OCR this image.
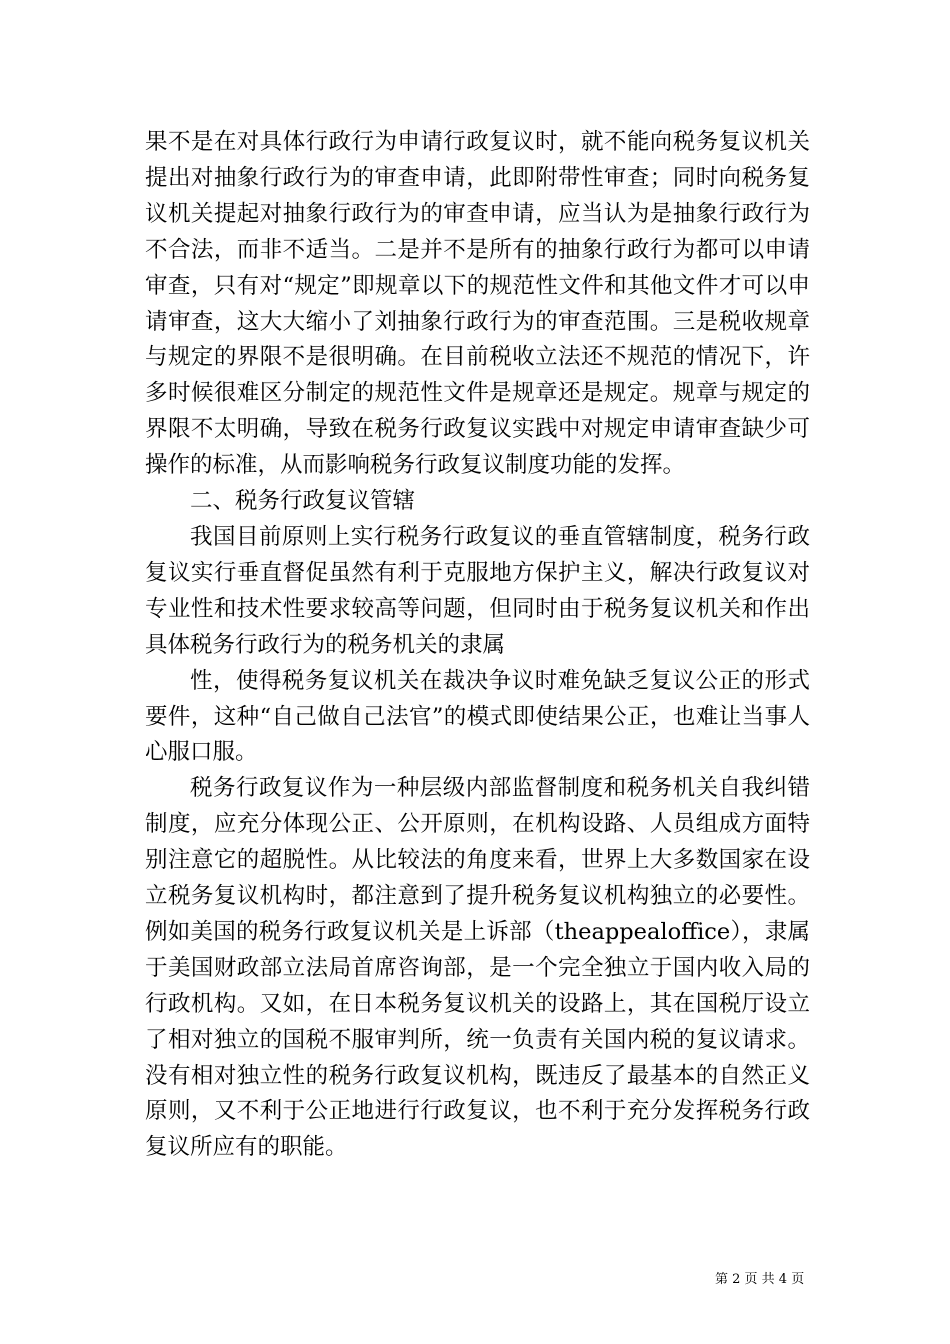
果不是在对具体行政行为申请行政复议时，就不能向税务复议机关提出对抽象行政行为的审查申请，此即附带性审查；同时向税务复议机关提起对抽象行政行为的审查申请，应当认为是抽象行政行为不合法，而非不适当。二是并不是所有的抽象行政行为都可以申请审查，只有对“规定”即规章以下的规范性文件和其他文件才可以申请审查，这大大缩小了刘抽象行政行为的审查范围。三是税收规章与规定的界限不是很明确。在目前税收立法还不规范的情况下，许多时候很难区分制定的规范性文件是规章还是规定。规章与规定的界限不太明确，导致在税务行政复议实践中对规定申请审查缺少可操作的标准，从而影响税务行政复议制度功能的发挥。

二、税务行政复议管辖

我国目前原则上实行税务行政复议的垂直管辖制度，税务行政复议实行垂直督促虽然有利于克服地方保护主义，解决行政复议对专业性和技术性要求较高等问题，但同时由于税务复议机关和作出具体税务行政行为的税务机关的隶属

性，使得税务复议机关在裁决争议时难免缺乏复议公正的形式要件，这种“自己做自己法官”的模式即使结果公正，也难让当事人心服口服。

税务行政复议作为一种层级内部监督制度和税务机关自我纠错制度，应充分体现公正、公开原则，在机构设路、人员组成方面特别注意它的超脱性。从比较法的角度来看，世界上大多数国家在设立税务复议机构时，都注意到了提升税务复议机构独立的必要性。例如美国的税务行政复议机关是上诉部（theappealoffice），隶属于美国财政部立法局首席咨询部，是一个完全独立于国内收入局的行政机构。又如，在日本税务复议机关的设路上，其在国税厅设立了相对独立的国税不服审判所，统一负责有关国内税的复议请求。没有相对独立性的税务行政复议机构，既违反了最基本的自然正义原则，又不利于公正地进行行政复议，也不利于充分发挥税务行政复议所应有的职能。

第 2 页 共 4 页
